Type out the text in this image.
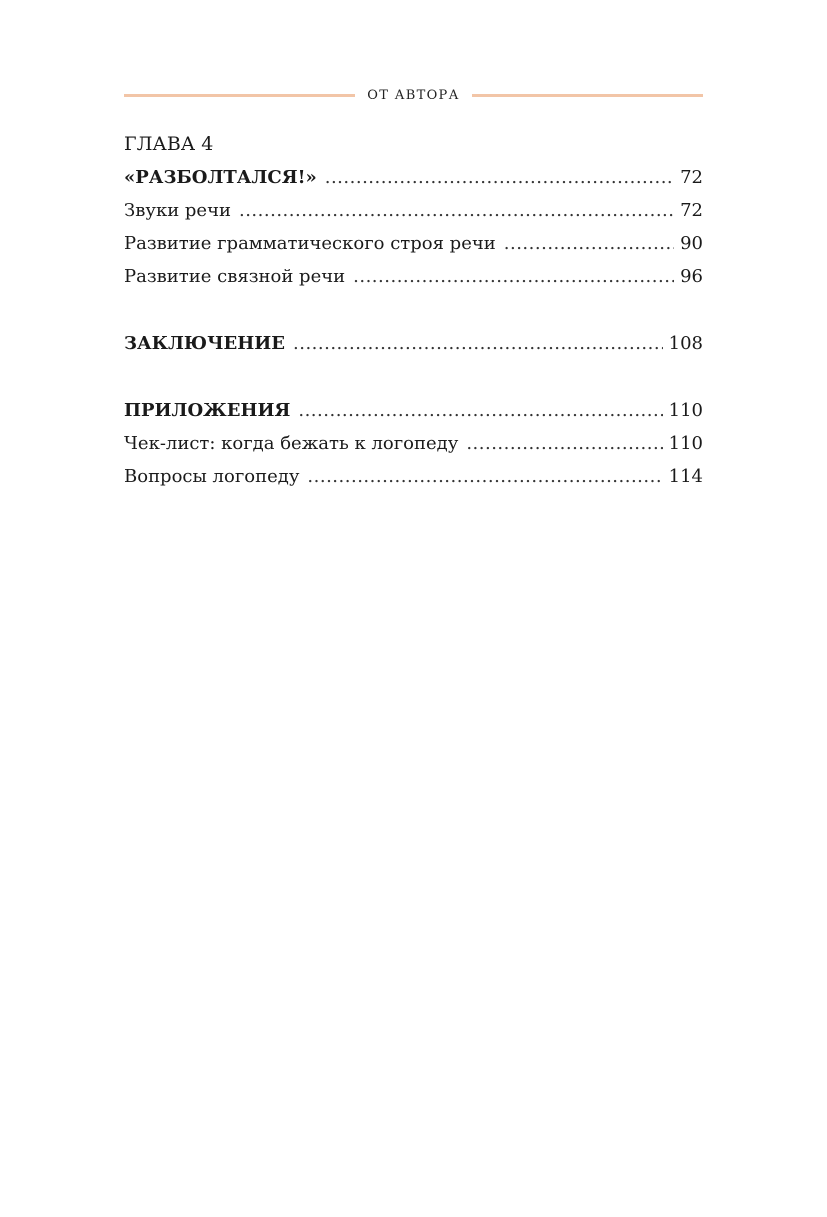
ОТ АВТОРА
ГЛАВА 4
«РАЗБОЛТАЛСЯ!» .....	72
Звуки речи .....	72
Развитие грамматического строя речи .....	90
Развитие связной речи .....	96
ЗАКЛЮЧЕНИЕ .....	108
ПРИЛОЖЕНИЯ .....	110
Чек-лист: когда бежать к логопеду .....	110
Вопросы логопеду .....	114
